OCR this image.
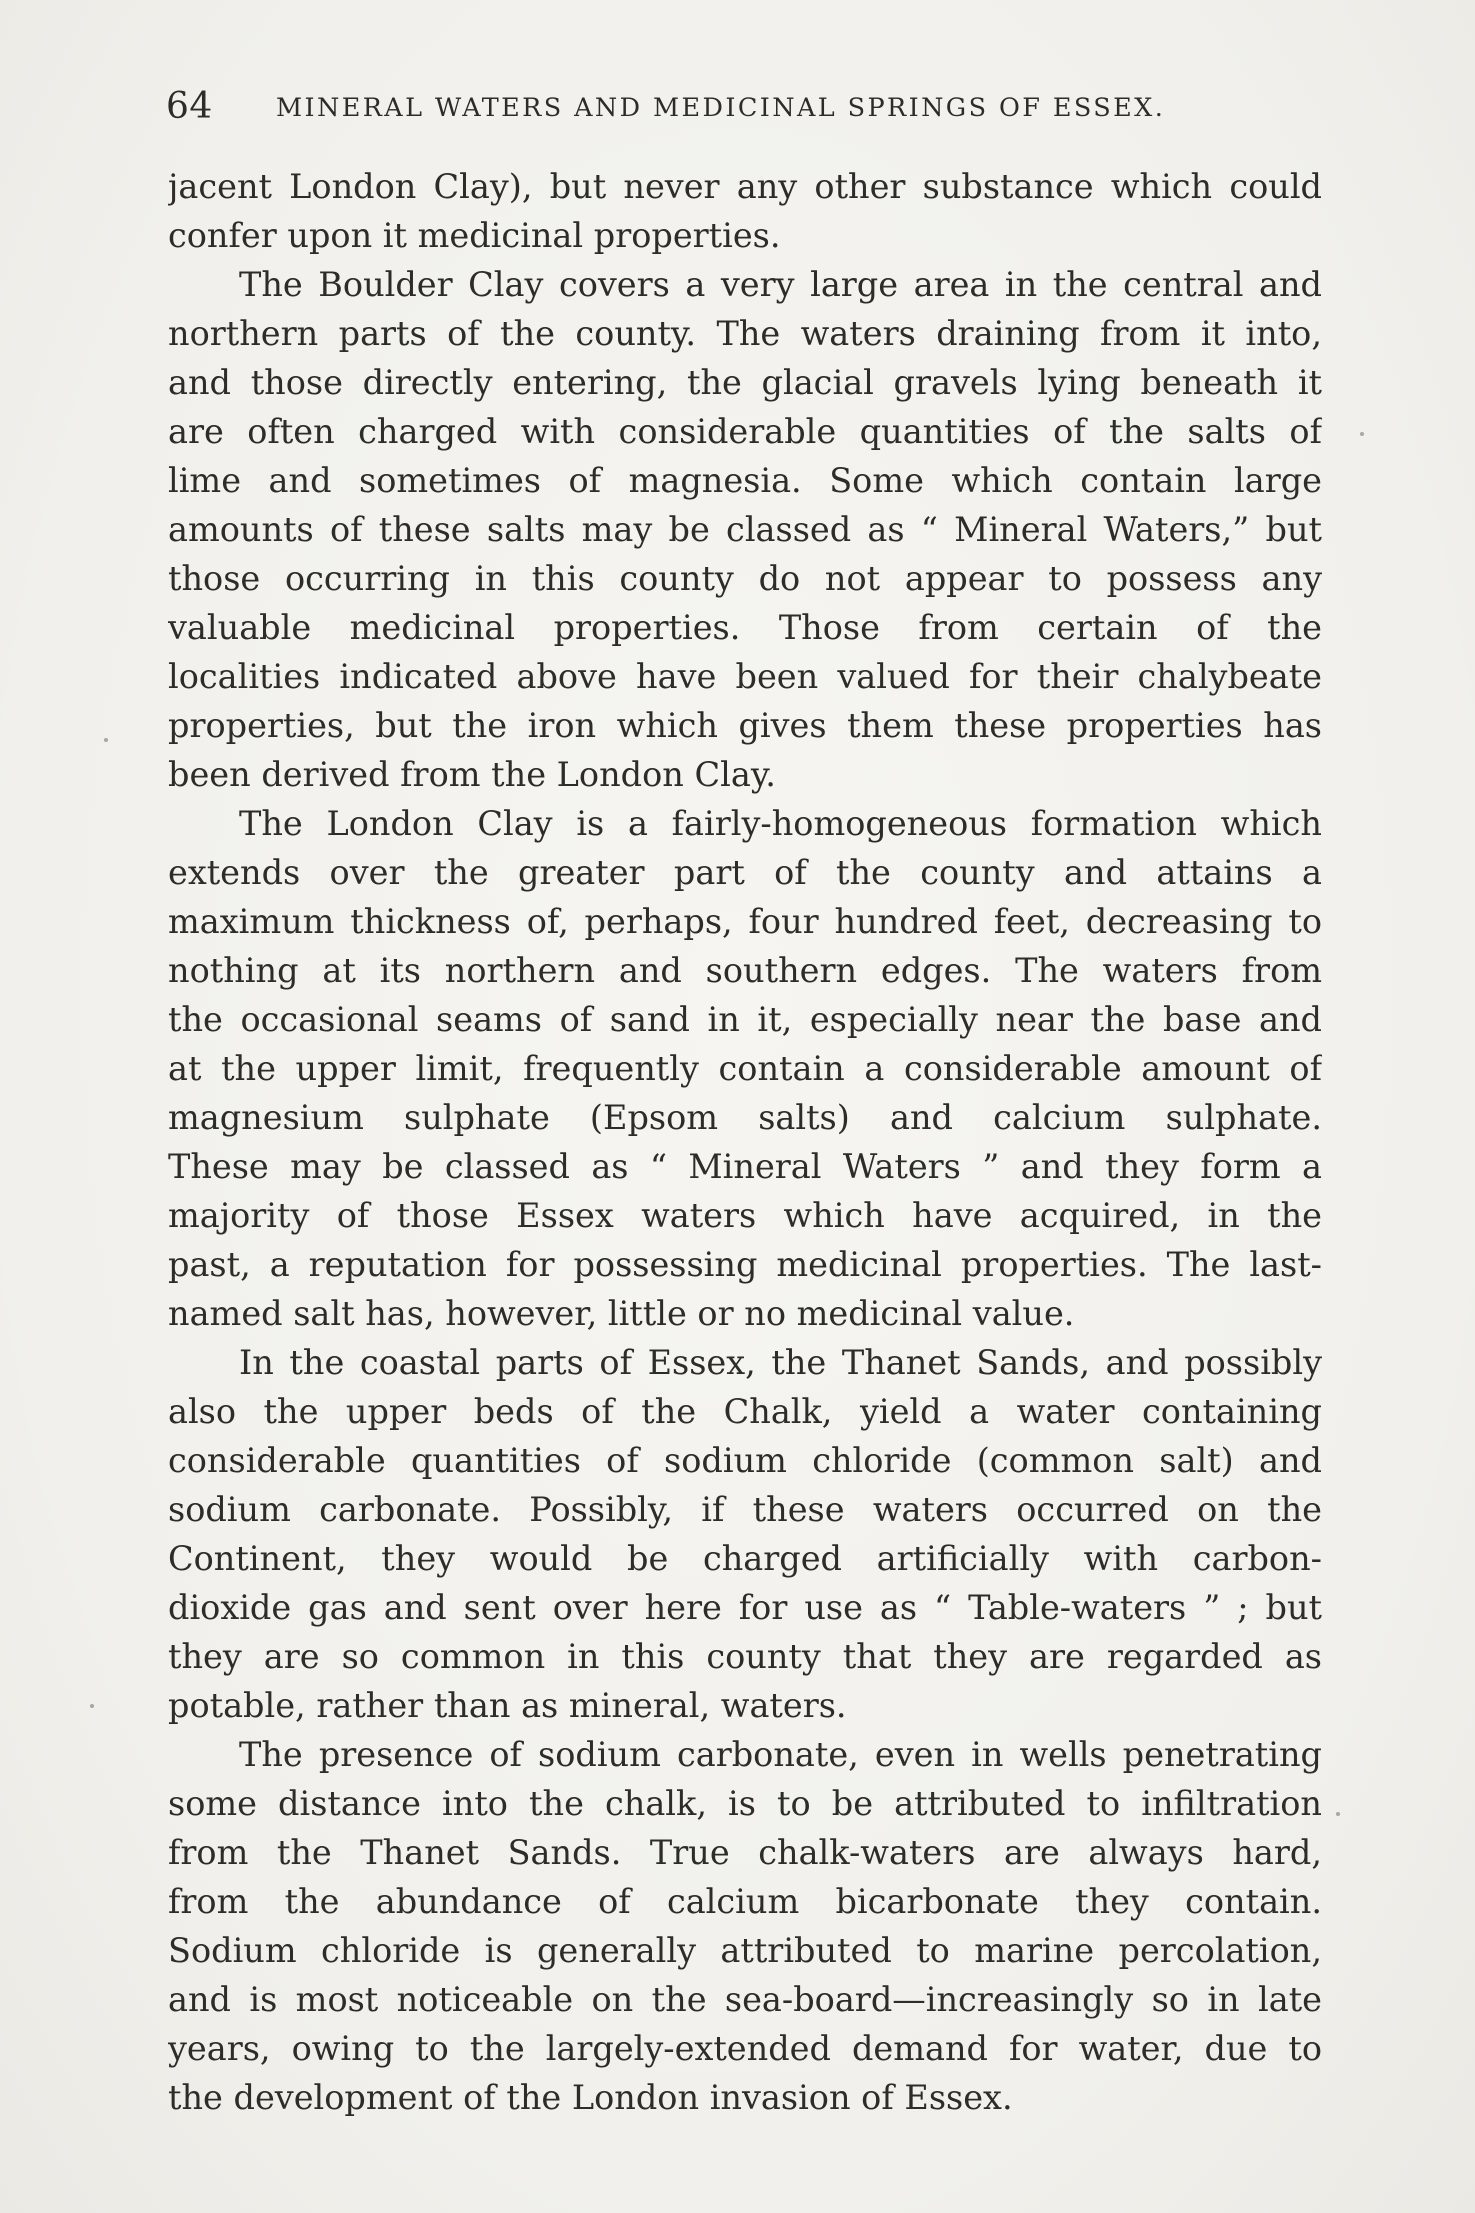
64 MINERAL WATERS AND MEDICINAL SPRINGS OF ESSEX.
jacent London Clay), but never any other substance which could
confer upon it medicinal properties.
The Boulder Clay covers a very large area in the central and
northern parts of the county. The waters draining from it into,
and those directly entering, the glacial gravels lying beneath it
are often charged with considerable quantities of the salts of
lime and sometimes of magnesia. Some which contain large
amounts of these salts may be classed as “ Mineral Waters,” but
those occurring in this county do not appear to possess any
valuable medicinal properties. Those from certain of the
localities indicated above have been valued for their chalybeate
properties, but the iron which gives them these properties has
been derived from the London Clay.
The London Clay is a fairly-homogeneous formation which
extends over the greater part of the county and attains a
maximum thickness of, perhaps, four hundred feet, decreasing to
nothing at its northern and southern edges. The waters from
the occasional seams of sand in it, especially near the base and
at the upper limit, frequently contain a considerable amount of
magnesium sulphate (Epsom salts) and calcium sulphate.
These may be classed as “ Mineral Waters ” and they form a
majority of those Essex waters which have acquired, in the
past, a reputation for possessing medicinal properties. The last-
named salt has, however, little or no medicinal value.
In the coastal parts of Essex, the Thanet Sands, and possibly
also the upper beds of the Chalk, yield a water containing
considerable quantities of sodium chloride (common salt) and
sodium carbonate. Possibly, if these waters occurred on the
Continent, they would be charged artificially with carbon-
dioxide gas and sent over here for use as “ Table-waters ” ; but
they are so common in this county that they are regarded as
potable, rather than as mineral, waters.
The presence of sodium carbonate, even in wells penetrating
some distance into the chalk, is to be attributed to infiltration
from the Thanet Sands. True chalk-waters are always hard,
from the abundance of calcium bicarbonate they contain.
Sodium chloride is generally attributed to marine percolation,
and is most noticeable on the sea-board—increasingly so in late
years, owing to the largely-extended demand for water, due to
the development of the London invasion of Essex.
